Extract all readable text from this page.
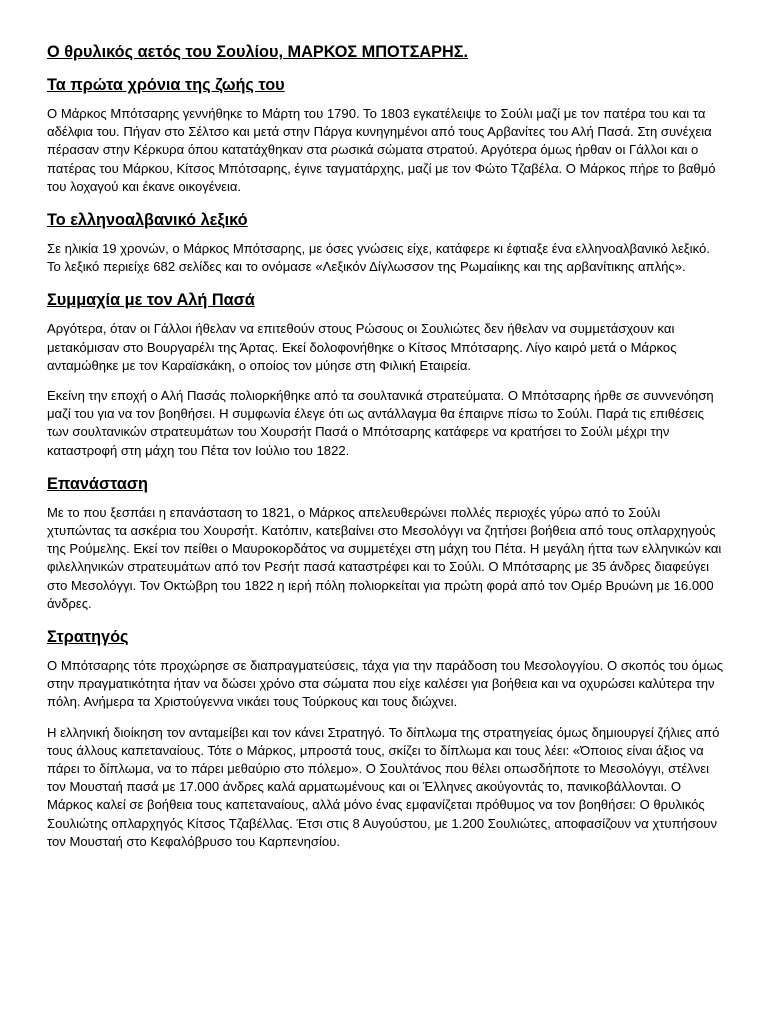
Ο θρυλικός αετός του Σουλίου, ΜΑΡΚΟΣ ΜΠΟΤΣΑΡΗΣ.
Τα πρώτα χρόνια της ζωής του

Ο Μάρκος Μπότσαρης γεννήθηκε το Μάρτη του 1790. Το 1803 εγκατέλειψε το Σούλι μαζί με τον πατέρα του και τα αδέλφια του. Πήγαν στο Σέλτσο και μετά στην Πάργα κυνηγημένοι από τους Αρβανίτες του Αλή Πασά. Στη συνέχεια πέρασαν στην Κέρκυρα όπου κατατάχθηκαν στα ρωσικά σώματα στρατού. Αργότερα όμως ήρθαν οι Γάλλοι και ο πατέρας του Μάρκου, Κίτσος Μπότσαρης, έγινε ταγματάρχης, μαζί με τον Φώτο Τζαβέλα. Ο Μάρκος πήρε το βαθμό του λοχαγού και έκανε οικογένεια.

Το ελληνοαλβανικό λεξικό

Σε ηλικία 19 χρονών, ο Μάρκος Μπότσαρης, με όσες γνώσεις είχε, κατάφερε κι έφτιαξε ένα ελληνοαλβανικό λεξικό. Το λεξικό περιείχε 682 σελίδες και το ονόμασε «Λεξικόν Δίγλωσσον της Ρωμαίικης και της αρβανίτικης απλής».

Συμμαχία με τον Αλή Πασά

Αργότερα, όταν οι Γάλλοι ήθελαν να επιτεθούν στους Ρώσους οι Σουλιώτες δεν ήθελαν να συμμετάσχουν και μετακόμισαν στο Βουργαρέλι της Άρτας. Εκεί δολοφονήθηκε ο Κίτσος Μπότσαρης. Λίγο καιρό μετά ο Μάρκος ανταμώθηκε με τον Καραϊσκάκη, ο οποίος τον μύησε στη Φιλική Εταιρεία.

Εκείνη την εποχή ο Αλή Πασάς πολιορκήθηκε από τα σουλτανικά στρατεύματα. Ο Μπότσαρης ήρθε σε συννενόηση μαζί του για να τον βοηθήσει. Η συμφωνία έλεγε ότι ως αντάλλαγμα θα έπαιρνε πίσω το Σούλι. Παρά τις επιθέσεις των σουλτανικών στρατευμάτων του Χουρσήτ Πασά ο Μπότσαρης κατάφερε να κρατήσει το Σούλι μέχρι την καταστροφή στη μάχη του Πέτα τον Ιούλιο του 1822.

Επανάσταση

Με το που ξεσπάει η επανάσταση το 1821, ο Μάρκος απελευθερώνει πολλές περιοχές γύρω από το Σούλι χτυπώντας τα ασκέρια του Χουρσήτ. Κατόπιν, κατεβαίνει στο Μεσολόγγι να ζητήσει βοήθεια από τους οπλαρχηγούς της Ρούμελης. Εκεί τον πείθει ο Μαυροκορδάτος να συμμετέχει στη μάχη του Πέτα. Η μεγάλη ήττα των ελληνικών και φιλελληνικών στρατευμάτων από τον Ρεσήτ πασά καταστρέφει και το Σούλι. Ο Μπότσαρης με 35 άνδρες διαφεύγει στο Μεσολόγγι. Τον Οκτώβρη του 1822 η ιερή πόλη πολιορκείται για πρώτη φορά από τον Ομέρ Βρυώνη με 16.000 άνδρες.

Στρατηγός

Ο Μπότσαρης τότε προχώρησε σε διαπραγματεύσεις, τάχα για την παράδοση του Μεσολογγίου. Ο σκοπός του όμως στην πραγματικότητα ήταν να δώσει χρόνο στα σώματα που είχε καλέσει για βοήθεια και να οχυρώσει καλύτερα την πόλη. Ανήμερα τα Χριστούγεννα νικάει τους Τούρκους και τους διώχνει.

Η ελληνική διοίκηση τον ανταμείβει και τον κάνει Στρατηγό. Το δίπλωμα της στρατηγείας όμως δημιουργεί ζήλιες από τους άλλους καπεταναίους. Τότε ο Μάρκος, μπροστά τους, σκίζει το δίπλωμα και τους λέει: «Όποιος είναι άξιος να πάρει το δίπλωμα, να το πάρει μεθαύριο στο πόλεμο». Ο Σουλτάνος που θέλει οπωσδήποτε το Μεσολόγγι, στέλνει τον Μουσταή πασά με 17.000 άνδρες καλά αρματωμένους και οι Έλληνες ακούγοντάς το, πανικοβάλλονται. Ο Μάρκος καλεί σε βοήθεια τους καπεταναίους, αλλά μόνο ένας εμφανίζεται πρόθυμος να τον βοηθήσει: Ο θρυλικός Σουλιώτης οπλαρχηγός Κίτσος Τζαβέλλας. Έτσι στις 8 Αυγούστου, με 1.200 Σουλιώτες, αποφασίζουν να χτυπήσουν τον Μουσταή στο Κεφαλόβρυσο του Καρπενησίου.
